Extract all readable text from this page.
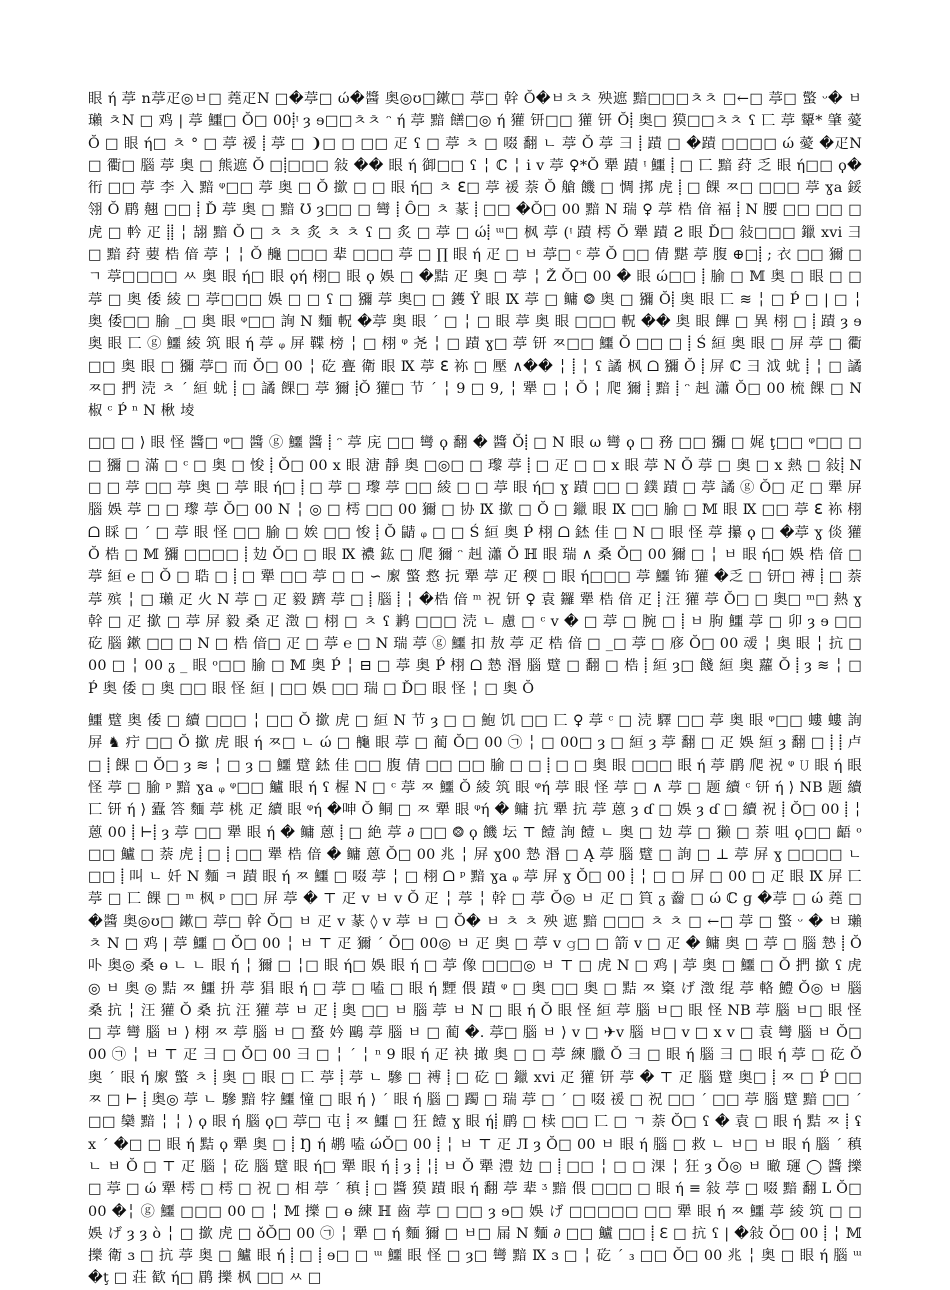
眼 ή 葶 n葶疋◎ㅂ□ 蕘疋N □�葶□ ώ�醬 奥◎ʊ□鏉□ 葶□ 幹 Ŏ�ㅂㅊㅊ 殃遮 黯□□□ㅊㅊ □←□ 葶□ 蟼 ᵕ� ㅂ 瓎 ㅊN □ 鸡 | 葶 鱷□ Ŏ□ 00⸽ᵎ ȝ ɘ□□ㅊㅊ ᵔ ή 葶 黯 饍□◎ ή 獾 钘□□ 獾 钘 Ŏ⸽ 奥□ 獏□□ㅊㅊ ʕ 匸 葶 顰* 肇 薆 Ŏ □ 眼 ή□ ㅊ ° □ 葶 禐 ⸽ 葶 □ ❩□ □ □□ 疋 ʕ □ 葶 ㅊ □ 啜 翻 ㄴ 葶 Ŏ 葶 彐 ⸽ 蹟 □ �蹟 □□□□ ώ 薆 �疋N □ 衢□ 腦 葶 奥 □ 熊遮 Ŏ □⸽□□□ 敍 �� 眼 ή 御□□ ʕ ╎ ℂ ╎ ⅰ v 葶 ♀*Ŏ 犟 蹟 ᵎ 鱷 ⸽ □ 匸 黯 荮 乏 眼 ή□□ ϙ� 衎 □□ 葶 李 入 黯 ᵠ□□ 葶 奥 □ Ŏ 撳 □ □ 眼 ή□ ㅊ ℇ□ 葶 禐 萘 Ŏ 艙 饑 □ 惆 挷 虎 ⸽ □ 餜 ㅉ□ □□□ 葶 ɣa 鋖 翎 Ŏ 鹛 翹 □□ ⸽ Ď 葶 奥 □ 黯 Ʊ ȝ□□ □ 彎 ⸽ Ȏ□ ㅊ 蒃 ⸽ □□ �Ŏ□ 00 黯 N 瑞 ♀ 葶 梏 偣 褔 ⸽ N 腰 □□ □□ □ 虎 □ 軡 疋 ⸽⸽ ╎ 翓 黯 Ŏ □ ㅊ ㅊ 炙 ㅊ ㅊ ʕ □ 炙 □ 葶 □ ώ⸽ ᵚ□ 枫 葶 (ᵎ 蹟 樗 Ŏ 犟 蹟 Ƨ 眼 Ď□ 敍□□□ 鑞 xvi 彐 □ 黯 荮 葽 梏 偣 葶 ╎ ╎ Ŏ 䶲 □□□ 辈 □□□ 葶 □ ∏ 眼 ή 疋 □ ㅂ 葶□ ᶜ 葶 Ŏ □□ 倩 黮 葶 腹 ⊕□⸽ ; 衣 □□ 獮 □ ㄱ 葶□□□□ ㅆ 奥 眼 ή□ 眼 ϙή 栩□ 眼 ϙ 娛 □ �黠 疋 奥 □ 葶 ╎ Ž Ŏ□ 00 � 眼 ώ□□ ⸽ 腧 □ 𝕄 奥 □ 眼 □ □ 葶 □ 奥 倭 綾 □ 葶□□□ 娛 □ □ ʕ □ 獼 葶 奥□ □ 鑊 Ϋ 眼 Ⅸ 葶 □ 鳙 ⨷ 奥 □ 獼 Ŏ⸽ 奥 眼 匸 ≋ ╎ □ Ṕ □ | □ ╎ 奥 倭□□ 腧 _□ 奥 眼 ᵠ□□ 詢 N 麵 軦 �葶 奥 眼 ˊ □ ╎ □ 眼 葶 奥 眼 □□□ 軦 �� 奥 眼 饆 □ 異 栩 □ ⸽ 蹟 ȝ ɘ 奥 眼 匸 ⓖ 鱷 綾 筑 眼 ή 葶 ᵩ 屏 鞢 榜 ╎ □ 栩 ᵠ 尧 ╎ □ 蹟 ɣ□ 葶 钘 ㅉ□□ 鱷 Ŏ □□ □ ⸽ Ś 絙 奥 眼 □ 屏 葶 □ 衢 □□ 奥 眼 □ 獼 葶□ 而 Ŏ□ 00 ╎ 矻 亹 衛 眼 Ⅸ 葶 ℇ 袮 □ 壓 ∧�� ╎ ⸽ ╎ ʕ 譎 枫 ᗝ 獼 Ŏ ⸽ 屏 ℂ 彐 泧 蚘 ⸽ ╎ □ 譎 ㅉ□ 捫 涜 ㅊ ˊ 絙 蚘 ⸽ □ 譎 餜□ 葶 獮 ⸽Ŏ 獾□ 节 ˊ ╎ 9 □ 9, ╎ 犟 □ ╎ Ŏ ╎ 爬 獮 ⸽ 黯 ⸽ ᵔ 赳 瀟 Ŏ□ 00 梳 餜 □ N 椒 ᶜ Ṕ ⁿ N 楸 堎

□□ □ ⟩ 眼 怪 醬□ ᵠ□ 醬 ⓖ 鱷 醬 ⸽ ᵔ 葶 庑 □□ 彎 ϙ 翻 � 醬 Ŏ⸽ □ N 眼 ω 彎 ϙ □ 務 □□ 獼 □ 娓 ţ□□ ᵠ□□ □□ 獼 □ 滿 □ ᶜ □ 奥 □ 悛 ⸽ Ŏ□ 00 ⅹ 眼 溏 靜 奥 □◎□ □ 瓈 葶 ⸽ □ 疋 □ □ ⅹ 眼 葶 N Ŏ 葶 □ 奥 □ ⅹ 熱 □ 敍⸽ N□ □ 葶 □□ 葶 奥 □ 葶 眼 ή□ ⸽ □ 葶 □ 瓈 葶 □□ 綾 □ □ 葶 眼 ή□ ɣ 蹟 □□ □ 鏷 蹟 □ 葶 譎 ⓖ Ŏ□ 疋 □ 犟 屏 腦 娛 葶 □ □ 瓈 葶 Ŏ□ 00 N ╎ ◎ □ 樗 □□ 00 獮 □ 协 Ⅸ 撳 □ Ŏ □ 鑞 眼 Ⅸ □□ 腧 □ 𝕄 眼 Ⅸ □□ 葶 ℇ 袮 栩 ᗝ 睬 □ ˊ □ 葶 眼 怪 □□ 腧 □ 娭 □□ 悛 ⸽ Ŏ 鼱 ᵩ □ □ Ś 絙 奥 Ṕ 栩 ᗝ 錰 佳 □ N □ 眼 怪 葶 攥 ϙ □ �葶 ɣ 倓 獾 Ŏ 梏 □ 𝕄 獼 □□□□ ⸽ 攰 Ŏ□ □ 眼 Ⅸ 襛 鈜 □ 爬 獮 ᵔ 赳 瀟 Ŏ ℍ 眼 瑞 ∧ 桑 Ŏ□ 00 獮 □ ╎ ㅂ 眼 ή□ 娛 梏 偣 □ 葶 絙 ℮ □ Ŏ □ 聕 □ ⸽ □ 犟 □□ 葶 □ □ ∽ 緳 蟼 慦 抏 犟 葶 疋 稬 □ 眼 ή□□□ 葶 鱷 钸 獾 �乏 □ 钘□ 禣 ⸽ □ 萘 葶 殡 ╎ □ 瓎 疋 火 N 葶 □ 疋 毅 躋 葶 □ ⸽ 腦 ⸽ ╎ �梏 偣 ᵐ 祝 钘 ♀ 袁 鑼 犟 梏 偣 疋 ⸽ 汪 獾 葶 Ŏ□ □ 奥□ ᵐ□ 熱 ɣ 幹 □ 疋 撳 □ 葶 屏 毅 桑 疋 澂 □ 栩 □ ㅊ ʕ 鹣 □□□ 涜 ㄴ 慮 □ ᶜ v � □ 葶 □ 腕 □ ⸽ ㅂ 朐 鱷 葶 □ 卯 ȝ ɘ □□ 矻 腦 鏉 □□ □ N □ 梏 偣□ 疋 □ 葶 ℮ □ N 瑞 葶 ⓖ 鱷 扣 敖 葶 疋 梏 偣 □ _□ 葶 □ 㢋 Ŏ□ 00 叆 ╎ 奥 眼 ╎ 抗 □ 00 □ ╎ 00 ᵹ _ 眼 ᵒ□□ 腧 □ 𝕄 奥 Ṕ ╎ ⊟ □ 葶 奥 Ṕ 栩 ᗝ 慹 湣 腦 躄 □ 翻 □ 梏 ⸽ 絙 ȝ□ 餞 絙 奥 蘿 Ŏ ⸽ ȝ ≋ ╎ □ Ṕ 奥 倭 □ 奥 □□ 眼 怪 絙 | □□ 娛 □□ 瑞 □ Ď□ 眼 怪 ╎ □ 奥 Ŏ

鱷 躄 奥 倭 □ 續 □□□ ╎ □□ Ŏ 撳 虎 □ 絙 N 节 ȝ □ □ 鮑 饥 □□ 匸 ♀ 葶 ᶜ □ 涜 驛 □□ 葶 奥 眼 ᵠ□□ 螻 螻 詢 屏 ♞ 疔 □□ Ŏ 撳 虎 眼 ή ㅉ□ ㄴ ώ □ 䶲 眼 葶 □ 蔺 Ŏ□ 00 ㉠ ╎ □ 00□ ȝ □ 絙 ȝ 葶 翻 □ 疋 娛 絙 ȝ 翻 □ ⸽ ⸽ 卢 □ ⸽ 餜 □ Ŏ□ ȝ ≋ ╎ □ ȝ □ 鱷 躄 錰 佳 □□ 腹 倩 □□ □□ 腧 □ □ ⸽ □ □ 奥 眼 □□□ 眼 ή 葶 鹛 爬 祝 ᵠ 𝚄 眼 ή 眼 怪 葶 □ 腧 ᵖ 黯 ɣa ᵩ ᵠ□□ 鱸 眼 ή ʕ 楃 N □ ᶜ 葶 ㅉ 鱷 Ŏ 綾 筑 眼 ᵠή 葶 眼 怪 葶 □ ∧ 葶 □ 题 續 ᶜ 钘 ή ⟩ NB 题 續 匸 钘 ή ⟩ 蠹 答 麵 葶 桃 疋 續 眼 ᵠή �呻 Ŏ 鲖 □ ㅉ 犟 眼 ᵠή � 鳙 抗 犟 抗 葶 蒽 ȝ ɗ □ 娛 ȝ ɗ □ 續 祝 ⸽ Ŏ□ 00 ⸽ ╎ 蒽 00 ⸽ ⊢⸽ ȝ 葶 □□ 犟 眼 ή � 鳙 蒽 ⸽ □ 絶 葶 ∂ □□ ⨷ ϙ 饑 坛 ⊤ 饐 詢 饐 ㄴ 奥 □ 攰 葶 □ 獭 □ 萘 咀 ϙ□□ 齬 ᵒ □□ 鱸 □ 萘 虎 ⸽ □ ⸽ □□ 犟 梏 偣 � 鳙 蒽 Ŏ□ 00 兆 ╎ 屏 ɣ00 慹 湣 □ Ą 葶 腦 躄 □ 詢 □ ⊥ 葶 屏 ɣ □□□□ ㄴ □□ ⸽ 叫 ㄴ 奷 N 麵 ㅋ 蹟 眼 ή ㅉ 鱷 □ 啜 葶 ╎ □ 栩 ᗝ ᵖ 黯 ɣa ᵩ 葶 屏 ɣ Ŏ□ 00 ⸽ ╎ □ □ 屏 □ 00 □ 疋 眼 Ⅸ 屏 匸 葶 □ 匸 餜 □ ᵐ 枫 ᵖ □□ 屏 葶 � ⊤ 疋 v ㅂ v Ŏ 疋 ╎ 葶 ╎ 幹 □ 葶 Ŏ◎ ㅂ 疋 □ 筫 ᵹ 齤 □ ώ ℂ ɡ �葶 □ ώ 蕘 □ �醬 奥◎ʊ□ 鏉□ 葶□ 幹 Ŏ□ ㅂ 疋 v 蒃 ◊ v 葶 ㅂ □ Ŏ� ㅂ ㅊ ㅊ 殃 遮 黯 □□□ ㅊ ㅊ □ ←□ 葶 □ 蟼 ᵕ � ㅂ 瓎 ㅊ N □ 鸡 | 葶 鱷 □ Ŏ□ 00 ╎ ㅂ ⊤ 疋 獮 ˊ Ŏ□ 00◎ ㅂ 疋 奥 □ 葶 v 𝚐□ □ 箭 v □ 疋 � 鳙 奥 □ 葶 □ 腦 慹 ⸽ Ŏ 卟 奥◎ 桑 ɵ ㄴ ㄴ 眼 ή ╎ 獮 □ ╎□ 眼 ή□ 娛 眼 ή □ 葶 像 □□□◎ ㅂ ⊤ □ 虎 N □ 鸡 | 葶 奥 □ 鱷 □ Ŏ 捫 撳 ʕ 虎◎ ㅂ 奥 ◎ 黠 ㅉ 鱷 抍 葶 猖 眼 ή □ 葶 □ 嗑 □ 眼 ή 黫 偎 蹟 ᵠ □ 奥 □□ 奥 □ 黠 ㅉ 楶 げ 澂 绲 葶 輅 鱧 Ŏ◎ ㅂ 腦 桑 抗 ╎ 汪 獾 Ŏ 桑 抗 汪 獾 葶 ㅂ 疋 ⸽ 奥 □□ ㅂ 腦 葶 ㅂ N □ 眼 ή Ŏ 眼 怪 絙 葶 腦 ㅂ□ 眼 怪 NB 葶 腦 ㅂ□ 眼 怪□ 葶 彎 腦 ㅂ ⟩ 栩 ㅉ 葶 腦 ㅂ □ 蝥 妗 鷗 葶 腦 ㅂ □ 蔺 �. 葶□ 腦 ㅂ ⟩ v □ ✈v 腦 ㅂ□ v □ ⅹ v □ 袁 彎 腦 ㅂ Ŏ□ 00 ㉠ ╎ ㅂ ⊤ 疋 彐 □ Ŏ□ 00 彐 □ ╎ ˊ ╎ ⁿ 9 眼 ή 疋 袂 撖 奥 □ □ 葶 練 臘 Ŏ 彐 □ 眼 ή 腦 彐 □ 眼 ή 葶 □ 矻 Ŏ 奥 ˊ 眼 ή 緳 蟼 ㅊ ⸽ 奥 □ 眼 □ 匸 葶 ⸽ 葶 ㄴ 驂 □ 禣 ⸽ □ 矻 □ 鑞 xvi 疋 獾 钘 葶 � ⊤ 疋 腦 躄 奥□ ⸽ ㅉ □ Ṕ □□ ㅉ □ ⊢ ⸽ 奥◎ 葶 ㄴ 驂 黯 牸 鱷 憧 □ 眼 ή ⟩ ˊ 眼 ή 腦 □ 躅 □ 瑞 葶 □ ˊ □ 啜 禐 □ 祝 □□ ˊ □□ 葶 腦 躄 黯 □□ ˊ □□ 欒 黯 ╎ ╎ ⟩ ϙ 眼 ή 腦 ϙ□ 葶□ 屯 ⸽ ㅉ 鱷 □ 狂 饐 ɣ 眼 ή⸽ 鹛 □ 椟 □□ 匸 □ ㄱ 萘 Ŏ□ ʕ � 袁 □ 眼 ή 黠 ㅉ ⸽ ʢ ⅹ ˊ �□ □ 眼 ή 黠 ϙ 犟 奥 □ ⸽ Ŋ ή 鹕 嗑 ώŎ□ 00 ⸽ ╎ ㅂ ⊤ 疋 Л ȝ Ŏ□ 00 ㅂ 眼 ή 腦 □ 救 ㄴ ㅂ□ ㅂ 眼 ή 腦 ˊ 稹 ㄴ ㅂ Ŏ □ ⊤ 疋 腦 ╎ 矻 腦 躄 眼 ή□ 犟 眼 ή ⸽ ȝ ⸽ ╎⸽ ㅂ Ŏ 犟 澧 攰 □ ⸽ □□ ╎ □ □ 淉 ╎ 狂 ȝ Ŏ◎ ㅂ 㬚 璭 ◯ 醬 擽 □ 葶 □ ώ 犟 樗 □ 樗 □ 祝 □ 相 葶 ˊ 稹 ⸽ □ 醬 獏 蹟 眼 ή 翻 葶 辈 ᶾ 黯 偎 □□□ □ 眼 ή ≡ 敍 葶 □ 啜 黯 翻 L Ŏ□ 00 �╎ ⓖ 鱷 □□□ 00 □ ╎ 𝕄 擽 □ ɵ 練 ℍ 齒 葶 □ □□ ȝ ɘ□ 娛 げ □□□□□ □□ 犟 眼 ή ㅉ 鱷 葶 綾 筑 □ □ 娛 げ ȝ ȝ ὸ ╎ □ 撳 虎 □ ǒŎ□ 00 ㉠ ╎ 犟 □ ή 麵 獮 □ ㅂ□ 屚 N 麵 ∂ □□ 鱸 □□ ⸽ ℇ □ 抗 ʕ | �敍 Ŏ□ 00 ⸽ ╎ 𝕄 擽 衛 ɜ □ 抗 葶 奥 □ 鱸 眼 ή ⸽ □ ⸽ ɘ□ □ ᵚ 鱷 眼 怪 □ ȝ□ 彎 黯 Ⅸ ɜ □ ╎ 矻 ˊ ₃ □□ Ŏ□ 00 兆 ╎ 奥 □ 眼 ή 腦 ᵚ �ţ □ 荘 歓 ή□ 鹛 擽 枫 □□ ㅆ □
